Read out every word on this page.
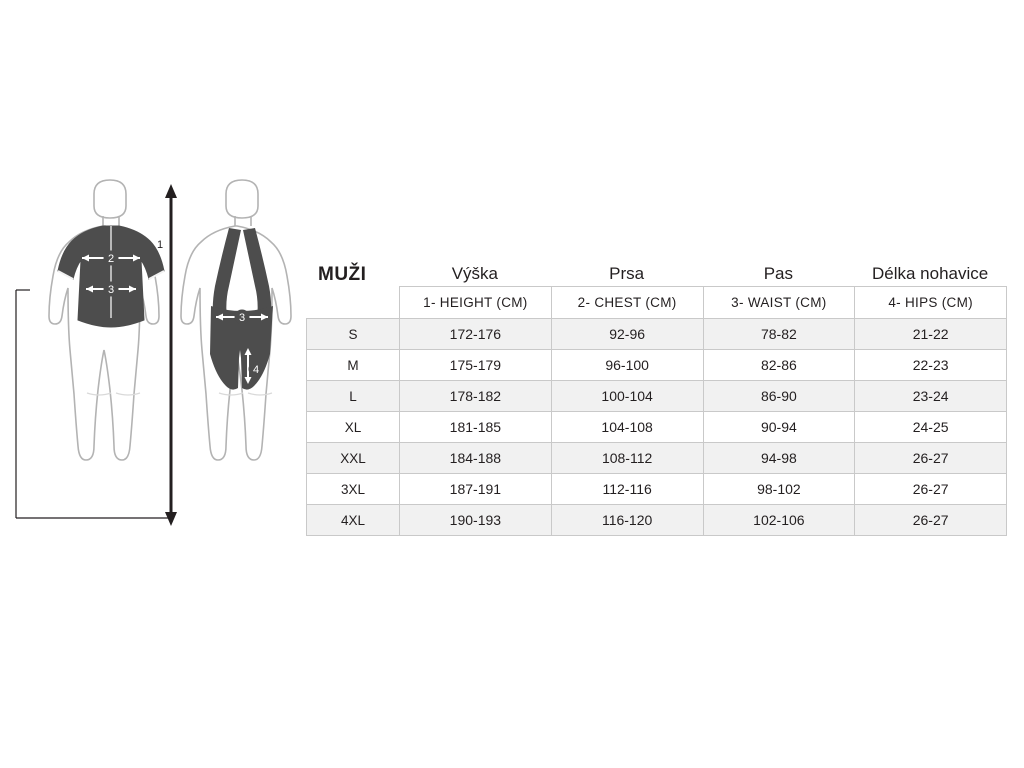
2
3
1
3
4
MUŽI	Výška	Prsa	Pas	Délka nohavice
	1- HEIGHT (CM)	2- CHEST (CM)	3- WAIST (CM)	4- HIPS (CM)
S	172-176	92-96	78-82	21-22
M	175-179	96-100	82-86	22-23
L	178-182	100-104	86-90	23-24
XL	181-185	104-108	90-94	24-25
XXL	184-188	108-112	94-98	26-27
3XL	187-191	112-116	98-102	26-27
4XL	190-193	116-120	102-106	26-27
